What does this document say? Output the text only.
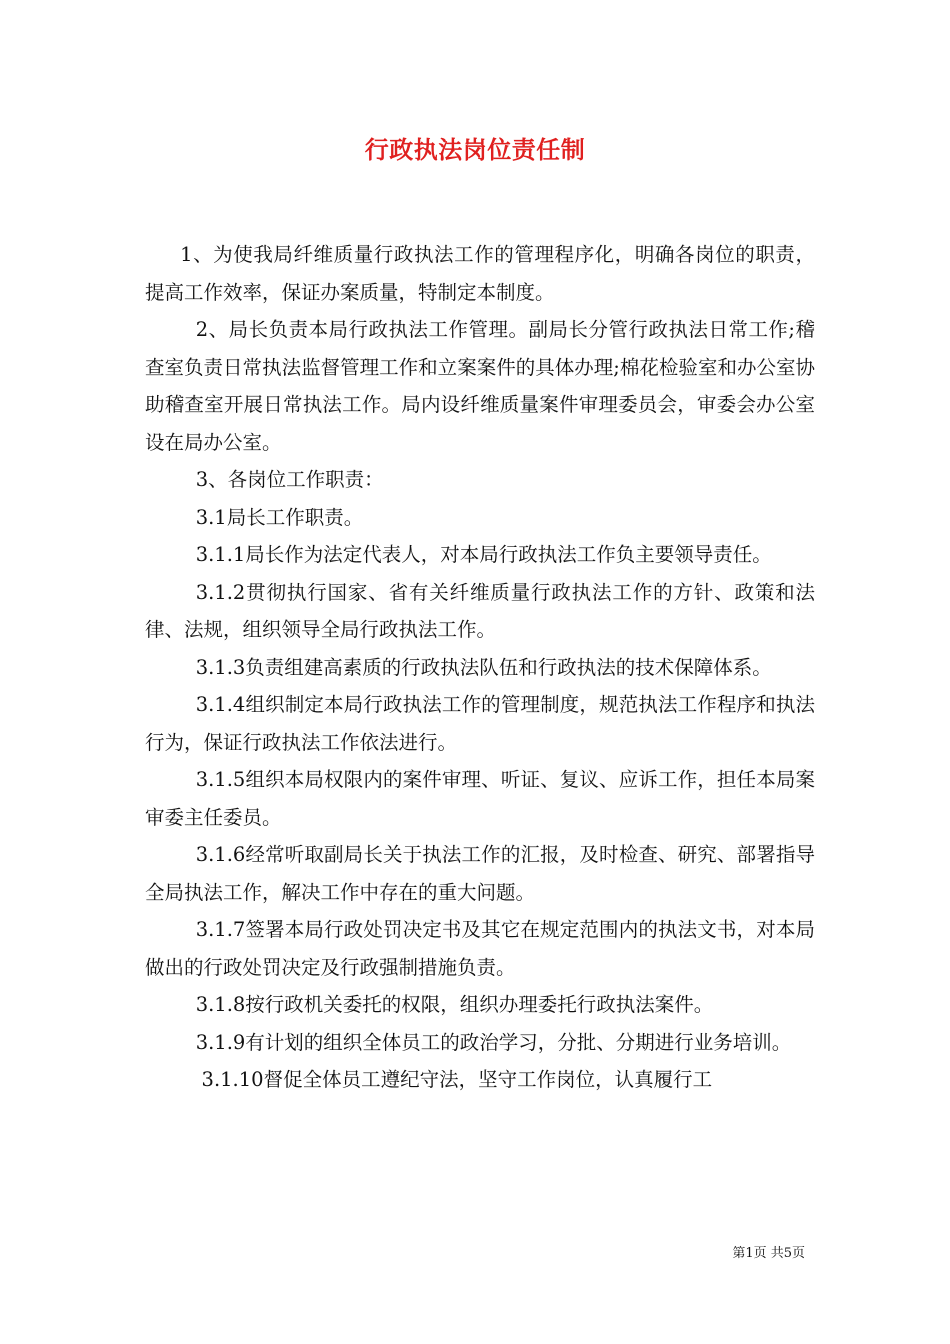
行政执法岗位责任制

1、为使我局纤维质量行政执法工作的管理程序化，明确各岗位的职责，提高工作效率，保证办案质量，特制定本制度。

2、局长负责本局行政执法工作管理。副局长分管行政执法日常工作;稽查室负责日常执法监督管理工作和立案案件的具体办理;棉花检验室和办公室协助稽查室开展日常执法工作。局内设纤维质量案件审理委员会，审委会办公室设在局办公室。

3、各岗位工作职责：

3.1局长工作职责。

3.1.1局长作为法定代表人，对本局行政执法工作负主要领导责任。

3.1.2贯彻执行国家、省有关纤维质量行政执法工作的方针、政策和法律、法规，组织领导全局行政执法工作。

3.1.3负责组建高素质的行政执法队伍和行政执法的技术保障体系。

3.1.4组织制定本局行政执法工作的管理制度，规范执法工作程序和执法行为，保证行政执法工作依法进行。

3.1.5组织本局权限内的案件审理、听证、复议、应诉工作，担任本局案审委主任委员。

3.1.6经常听取副局长关于执法工作的汇报，及时检查、研究、部署指导全局执法工作，解决工作中存在的重大问题。

3.1.7签署本局行政处罚决定书及其它在规定范围内的执法文书，对本局做出的行政处罚决定及行政强制措施负责。

3.1.8按行政机关委托的权限，组织办理委托行政执法案件。

3.1.9有计划的组织全体员工的政治学习，分批、分期进行业务培训。

3.1.10督促全体员工遵纪守法，坚守工作岗位，认真履行工

第1页 共5页
